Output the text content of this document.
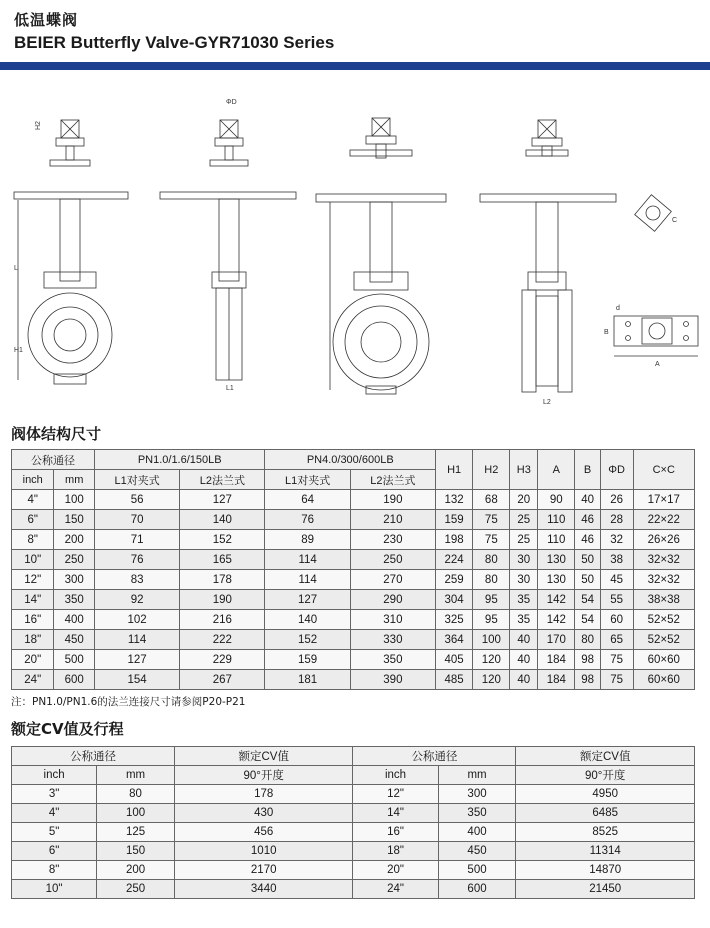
低温蝶阀
BEIER Butterfly Valve-GYR71030 Series
H2
L
H1
L1
ΦD
L2
C
A
B
d
阀体结构尺寸
公称通径		PN1.0/1.6/150LB		PN4.0/300/600LB		H1	H2	H3	A	B	ΦD	C×C
inch	mm	L1对夹式	L2法兰式	L1对夹式	L2法兰式							
4"	100	56	127	64	190	132	68	20	90	40	26	17×17
6"	150	70	140	76	210	159	75	25	110	46	28	22×22
8"	200	71	152	89	230	198	75	25	110	46	32	26×26
10"	250	76	165	114	250	224	80	30	130	50	38	32×32
12"	300	83	178	114	270	259	80	30	130	50	45	32×32
14"	350	92	190	127	290	304	95	35	142	54	55	38×38
16"	400	102	216	140	310	325	95	35	142	54	60	52×52
18"	450	114	222	152	330	364	100	40	170	80	65	52×52
20"	500	127	229	159	350	405	120	40	184	98	75	60×60
24"	600	154	267	181	390	485	120	40	184	98	75	60×60
注：PN1.0/PN1.6的法兰连接尺寸请参阅P20-P21
额定CV值及行程
公称通径		额定CV值	公称通径		额定CV值
inch	mm	90°开度	inch	mm	90°开度
3"	80	178	12"	300	4950
4"	100	430	14"	350	6485
5"	125	456	16"	400	8525
6"	150	1010	18"	450	11314
8"	200	2170	20"	500	14870
10"	250	3440	24"	600	21450
